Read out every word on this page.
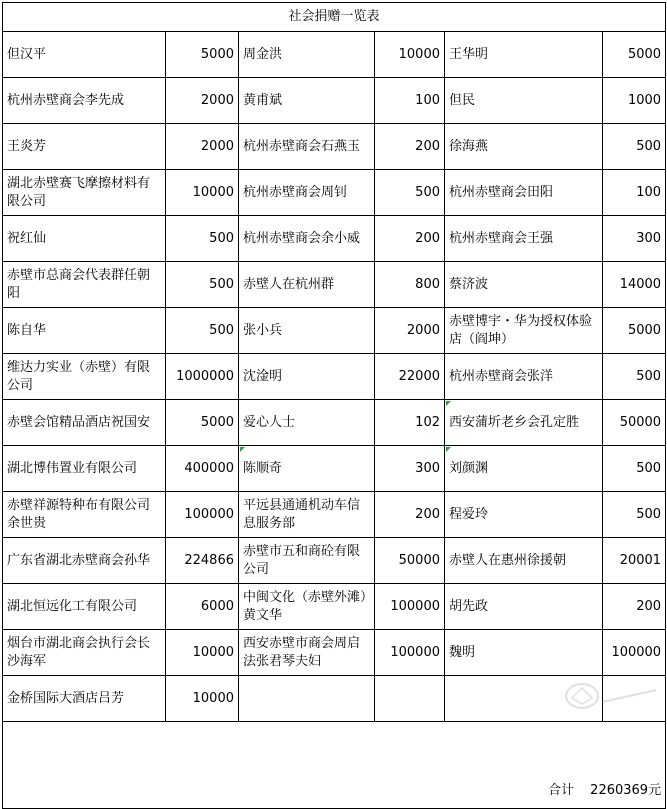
社会捐赠一览表					
但汉平	5000	周金洪	10000	王华明	5000
杭州赤壁商会李先成	2000	黄甫斌	100	但民	1000
王炎芳	2000	杭州赤壁商会石燕玉	200	徐海燕	500
湖北赤壁赛飞摩擦材料有限公司	10000	杭州赤壁商会周钊	500	杭州赤壁商会田阳	100
祝红仙	500	杭州赤壁商会余小威	200	杭州赤壁商会王强	300
赤壁市总商会代表群任朝阳	500	赤壁人在杭州群	800	蔡济波	14000
陈自华	500	张小兵	2000	赤壁博宇・华为授权体验店（阎坤）	5000
维达力实业（赤壁）有限公司	1000000	沈淦明	22000	杭州赤壁商会张洋	500
赤壁会馆精品酒店祝国安	5000	爱心人士	102	西安蒲圻老乡会孔定胜	50000
湖北博伟置业有限公司	400000	陈顺奇	300	刘颜渊	500
赤壁祥源特种布有限公司余世贵	100000	平远县通通机动车信息服务部	200	程爱玲	500
广东省湖北赤壁商会孙华	224866	赤壁市五和商砼有限公司	50000	赤壁人在惠州徐援朝	20001
湖北恒远化工有限公司	6000	中闽文化（赤壁外滩）黄文华	100000	胡先政	200
烟台市湖北商会执行会长沙海军	10000	西安赤壁市商会周启法张君琴夫妇	100000	魏明	100000
金桥国际大酒店吕芳	10000				
合计 2260369元					
